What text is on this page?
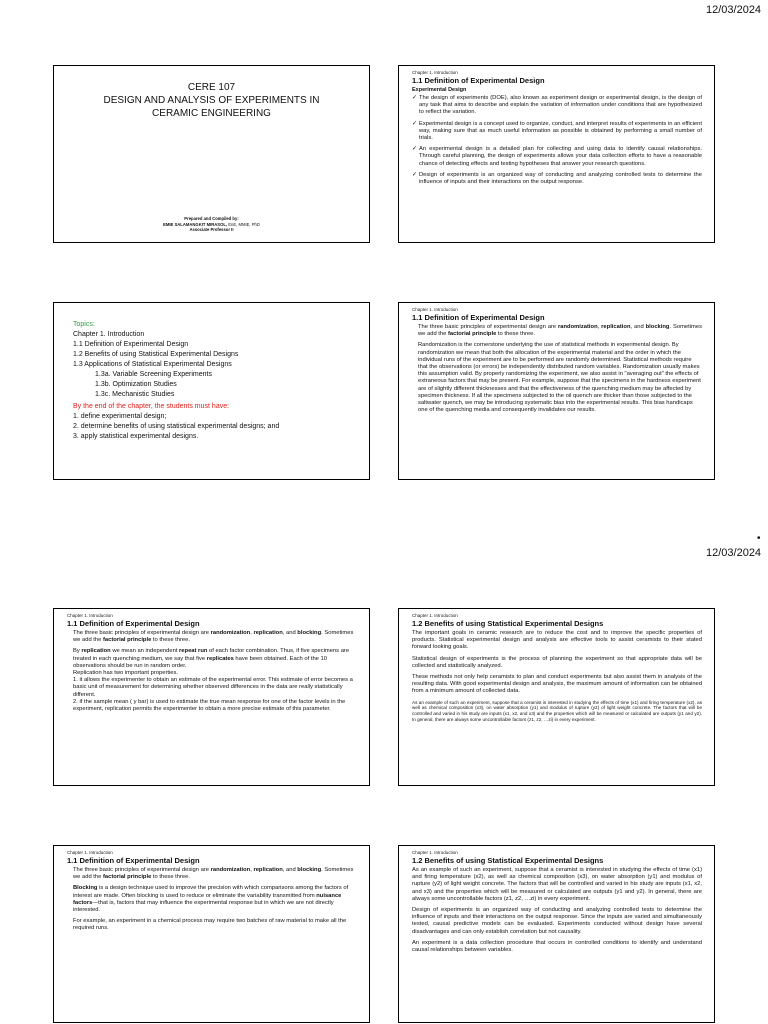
12/03/2024
•
12/03/2024
CERE 107
DESIGN AND ANALYSIS OF EXPERIMENTS IN
CERAMIC ENGINEERING
Prepared and Compiled by:
EMIE SALAMANGKIT MIRASOL, EnE, MMIE, PhD
Associate Professor II
Chapter 1. Introduction
1.1 Definition of Experimental Design
Experimental Design
✓ The design of experiments (DOE), also known as experiment design or experimental design, is the design of any task that aims to describe and explain the variation of information under conditions that are hypothesized to reflect the variation.
✓ Experimental design is a concept used to organize, conduct, and interpret results of experiments in an efficient way, making sure that as much useful information as possible is obtained by performing a small number of trials.
✓ An experimental design is a detailed plan for collecting and using data to identify causal relationships. Through careful planning, the design of experiments allows your data collection efforts to have a reasonable chance of detecting effects and testing hypotheses that answer your research questions.
✓ Design of experiments is an organized way of conducting and analyzing controlled tests to determine the influence of inputs and their interactions on the output response.
Topics:
Chapter 1. Introduction
1.1 Definition of Experimental Design
1.2 Benefits of using Statistical Experimental Designs
1.3 Applications of Statistical Experimental Designs
1.3a. Variable Screening Experiments
1.3b. Optimization Studies
1.3c. Mechanistic Studies
By the end of the chapter, the students must have:
1. define experimental design;
2. determine benefits of using statistical experimental designs; and
3. apply statistical experimental designs.
Chapter 1. Introduction
1.1 Definition of Experimental Design

The three basic principles of experimental design are randomization, replication, and blocking. Sometimes we add the factorial principle to these three.

Randomization is the cornerstone underlying the use of statistical methods in experimental design. By randomization we mean that both the allocation of the experimental material and the order in which the individual runs of the experiment are to be performed are randomly determined. Statistical methods require that the observations (or errors) be independently distributed random variables. Randomization usually makes this assumption valid. By properly randomizing the experiment, we also assist in "averaging out" the effects of extraneous factors that may be present. For example, suppose that the specimens in the hardness experiment are of slightly different thicknesses and that the effectiveness of the quenching medium may be affected by specimen thickness. If all the specimens subjected to the oil quench are thicker than those subjected to the saltwater quench, we may be introducing systematic bias into the experimental results. This bias handicaps one of the quenching media and consequently invalidates our results.

Chapter 1. Introduction
1.1 Definition of Experimental Design

The three basic principles of experimental design are randomization, replication, and blocking. Sometimes we add the factorial principle to these three.

By replication we mean an independent repeat run of each factor combination. Thus, if five specimens are treated in each quenching medium, we say that five replicates have been obtained. Each of the 10 observations should be run in random order.

Replication has two important properties.
1. it allows the experimenter to obtain an estimate of the experimental error. This estimate of error becomes a basic unit of measurement for determining whether observed differences in the data are really statistically different.
2. if the sample mean ( y bar) is used to estimate the true mean response for one of the factor levels in the experiment, replication permits the experimenter to obtain a more precise estimate of this parameter.
Chapter 1. Introduction
1.2 Benefits of using Statistical Experimental Designs

The important goals in ceramic research are to reduce the cost and to improve the specific properties of products. Statistical experimental design and analysis are effective tools to assist ceramists to their stated forward looking goals.

Statistical design of experiments is the process of planning the experiment so that appropriate data will be collected and statistically analyzed.

These methods not only help ceramists to plan and conduct experiments but also assist them in analysis of the resulting data. With good experimental design and analysis, the maximum amount of information can be obtained from a minimum amount of collected data.

As an example of such an experiment, suppose that a ceramist is interested in studying the effects of time (x1) and firing temperature (x2), as well as chemical composition (x3), on water absorption (y1) and modulus of rupture (y2) of light weight concrete. The factors that will be controlled and varied in his study are inputs (x1, x2, and x3) and the properties which will be measured or calculated are outputs (y1 and y2). In general, there are always some uncontrollable factors (z1, z2, …zi) in every experiment.

Chapter 1. Introduction
1.1 Definition of Experimental Design

The three basic principles of experimental design are randomization, replication, and blocking. Sometimes we add the factorial principle to these three.

Blocking is a design technique used to improve the precision with which comparisons among the factors of interest are made. Often blocking is used to reduce or eliminate the variability transmitted from nuisance factors—that is, factors that may influence the experimental response but in which we are not directly interested.

For example, an experiment in a chemical process may require two batches of raw material to make all the required runs.

Chapter 1. Introduction
1.2 Benefits of using Statistical Experimental Designs

As an example of such an experiment, suppose that a ceramist is interested in studying the effects of time (x1) and firing temperature (x2), as well as chemical composition (x3), on water absorption (y1) and modulus of rupture (y2) of light weight concrete. The factors that will be controlled and varied in his study are inputs (x1, x2, and x3) and the properties which will be measured or calculated are outputs (y1 and y2). In general, there are always some uncontrollable factors (z1, z2, …zi) in every experiment.

Design of experiments is an organized way of conducting and analyzing controlled tests to determine the influence of inputs and their interactions on the output response. Since the inputs are varied and simultaneously tested, causal predictive models can be evaluated. Experiments conducted without design have several disadvantages and can only establish correlation but not causality.

An experiment is a data collection procedure that occurs in controlled conditions to identify and understand causal relationships between variables.
